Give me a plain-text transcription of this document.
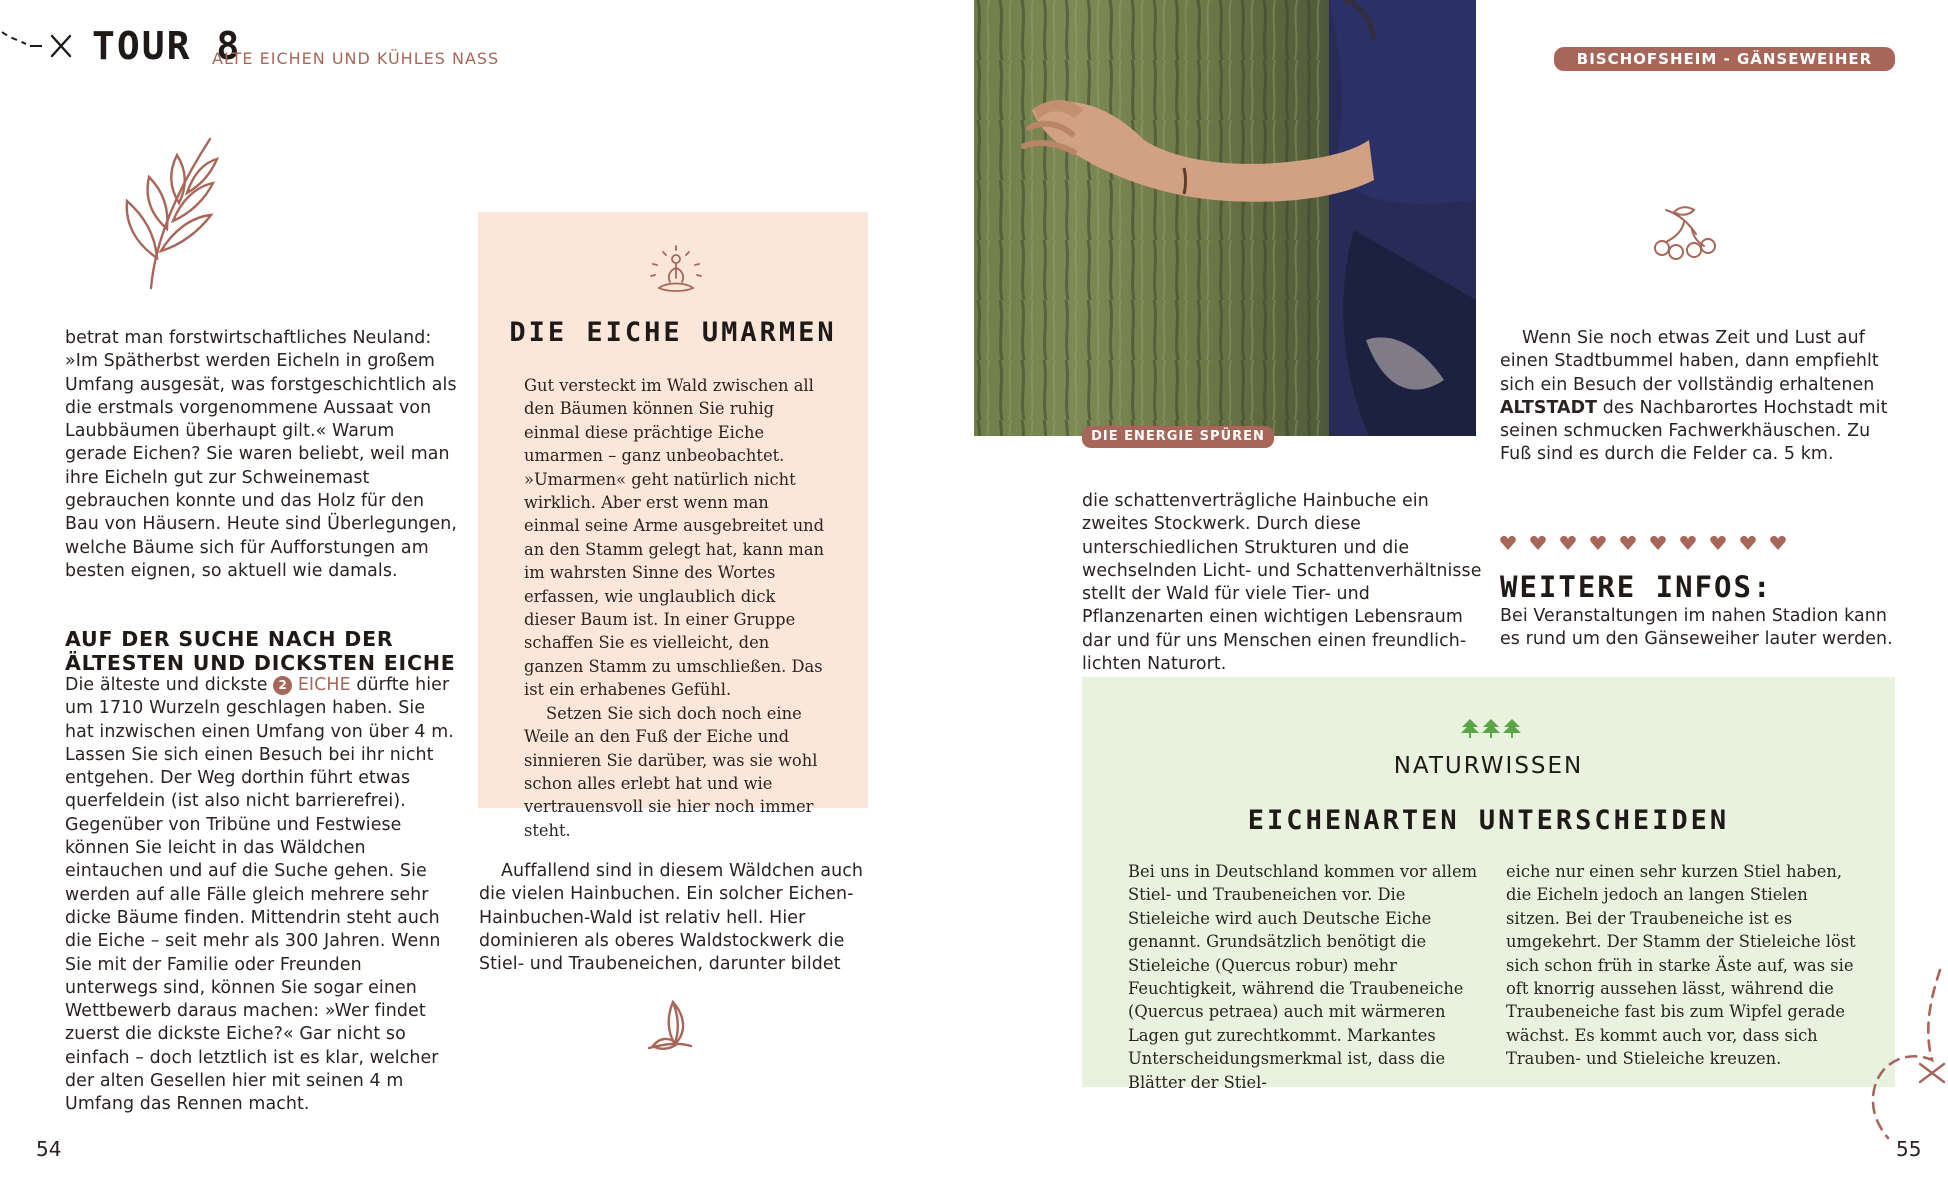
TOUR 8
ALTE EICHEN UND KÜHLES NASS

betrat man forstwirtschaftliches Neuland: »Im Spätherbst werden Eicheln in großem Umfang ausgesät, was forstgeschichtlich als die erstmals vorgenommene Aussaat von Laubbäumen überhaupt gilt.« Warum gerade Eichen? Sie waren beliebt, weil man ihre Eicheln gut zur Schweinemast gebrauchen konnte und das Holz für den Bau von Häusern. Heute sind Überlegungen, welche Bäume sich für Aufforstungen am besten eignen, so aktuell wie damals.

AUF DER SUCHE NACH DER ÄLTESTEN UND DICKSTEN EICHE

Die älteste und dickste 2 EICHE dürfte hier um 1710 Wurzeln geschlagen haben. Sie hat inzwischen einen Umfang von über 4 m. Lassen Sie sich einen Besuch bei ihr nicht entgehen. Der Weg dorthin führt etwas querfeldein (ist also nicht barrierefrei). Gegenüber von Tribüne und Festwiese können Sie leicht in das Wäldchen eintauchen und auf die Suche gehen. Sie werden auf alle Fälle gleich mehrere sehr dicke Bäume finden. Mittendrin steht auch die Eiche – seit mehr als 300 Jahren. Wenn Sie mit der Familie oder Freunden unterwegs sind, können Sie sogar einen Wettbewerb daraus machen: »Wer findet zuerst die dickste Eiche?« Gar nicht so einfach – doch letztlich ist es klar, welcher der alten Gesellen hier mit seinen 4 m Umfang das Rennen macht.

54
DIE EICHE UMARMEN

Gut versteckt im Wald zwischen all den Bäumen können Sie ruhig einmal diese prächtige Eiche umarmen – ganz unbeobachtet. »Umarmen« geht natürlich nicht wirklich. Aber erst wenn man einmal seine Arme ausgebreitet und an den Stamm gelegt hat, kann man im wahrsten Sinne des Wortes erfassen, wie unglaublich dick dieser Baum ist. In einer Gruppe schaffen Sie es vielleicht, den ganzen Stamm zu umschließen. Das ist ein erhabenes Gefühl.

Setzen Sie sich doch noch eine Weile an den Fuß der Eiche und sinnieren Sie darüber, was sie wohl schon alles erlebt hat und wie vertrauensvoll sie hier noch immer steht.

Auffallend sind in diesem Wäldchen auch die vielen Hainbuchen. Ein solcher Eichen-Hainbuchen-Wald ist relativ hell. Hier dominieren als oberes Waldstockwerk die Stiel- und Traubeneichen, darunter bildet

DIE ENERGIE SPÜREN

die schattenverträgliche Hainbuche ein zweites Stockwerk. Durch diese unterschiedlichen Strukturen und die wechselnden Licht- und Schattenverhältnisse stellt der Wald für viele Tier- und Pflanzenarten einen wichtigen Lebensraum dar und für uns Menschen einen freundlich-lichten Naturort.

BISCHOFSHEIM - GÄNSEWEIHER

Wenn Sie noch etwas Zeit und Lust auf einen Stadtbummel haben, dann empfiehlt sich ein Besuch der vollständig erhaltenen ALTSTADT des Nachbarortes Hochstadt mit seinen schmucken Fachwerkhäuschen. Zu Fuß sind es durch die Felder ca. 5 km.

WEITERE INFOS:

Bei Veranstaltungen im nahen Stadion kann es rund um den Gänseweiher lauter werden.

NATURWISSEN
EICHENARTEN UNTERSCHEIDEN

Bei uns in Deutschland kommen vor allem Stiel- und Traubeneichen vor. Die Stieleiche wird auch Deutsche Eiche genannt. Grundsätzlich benötigt die Stieleiche (Quercus robur) mehr Feuchtigkeit, während die Traubeneiche (Quercus petraea) auch mit wärmeren Lagen gut zurechtkommt. Markantes Unterscheidungsmerkmal ist, dass die Blätter der Stiel-

eiche nur einen sehr kurzen Stiel haben, die Eicheln jedoch an langen Stielen sitzen. Bei der Traubeneiche ist es umgekehrt. Der Stamm der Stieleiche löst sich schon früh in starke Äste auf, was sie oft knorrig aussehen lässt, während die Traubeneiche fast bis zum Wipfel gerade wächst. Es kommt auch vor, dass sich Trauben- und Stieleiche kreuzen.

55
